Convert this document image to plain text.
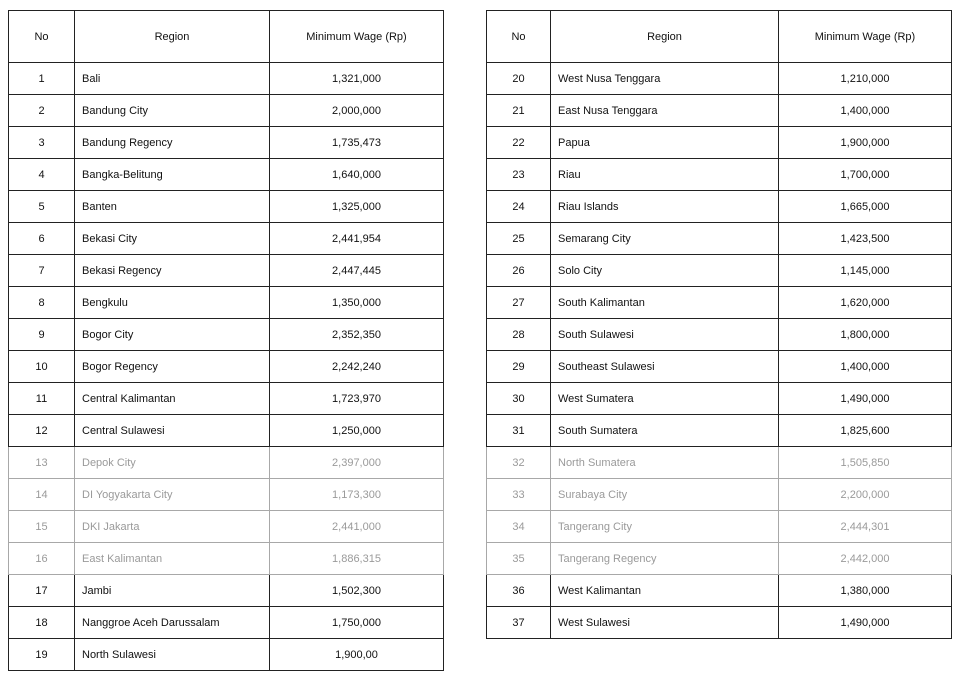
No	Region	Minimum Wage (Rp)
1	Bali	1,321,000
2	Bandung City	2,000,000
3	Bandung Regency	1,735,473
4	Bangka-Belitung	1,640,000
5	Banten	1,325,000
6	Bekasi City	2,441,954
7	Bekasi Regency	2,447,445
8	Bengkulu	1,350,000
9	Bogor City	2,352,350
10	Bogor Regency	2,242,240
11	Central Kalimantan	1,723,970
12	Central Sulawesi	1,250,000
13	Depok City	2,397,000
14	DI Yogyakarta City	1,173,300
15	DKI Jakarta	2,441,000
16	East Kalimantan	1,886,315
17	Jambi	1,502,300
18	Nanggroe Aceh Darussalam	1,750,000
19	North Sulawesi	1,900,00
No	Region	Minimum Wage (Rp)
20	West Nusa Tenggara	1,210,000
21	East Nusa Tenggara	1,400,000
22	Papua	1,900,000
23	Riau	1,700,000
24	Riau Islands	1,665,000
25	Semarang City	1,423,500
26	Solo City	1,145,000
27	South Kalimantan	1,620,000
28	South Sulawesi	1,800,000
29	Southeast Sulawesi	1,400,000
30	West Sumatera	1,490,000
31	South Sumatera	1,825,600
32	North Sumatera	1,505,850
33	Surabaya City	2,200,000
34	Tangerang City	2,444,301
35	Tangerang Regency	2,442,000
36	West Kalimantan	1,380,000
37	West Sulawesi	1,490,000
